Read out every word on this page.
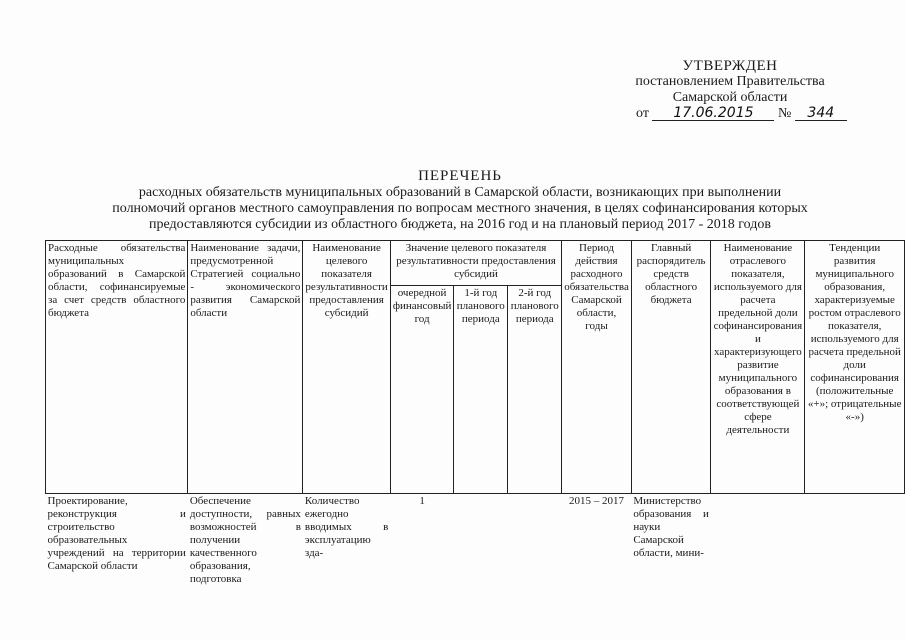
УТВЕРЖДЕН
постановлением Правительства
Самарской области
от 17.06.2015 № 344
ПЕРЕЧЕНЬ
расходных обязательств муниципальных образований в Самарской области, возникающих при выполнении
полномочий органов местного самоуправления по вопросам местного значения, в целях софинансирования которых
предоставляются субсидии из областного бюджета, на 2016 год и на плановый период 2017 - 2018 годов
Расходные обязательства муниципальных образований в Самарской области, софинансируемые за счет средств областного бюджета	Наименование задачи, предусмотренной Стратегией социально - экономического развития Самарской области	Наименование целевого показателя результативности предоставления субсидий	Значение целевого показателя результативности предоставления субсидий			Период действия расходного обязательства Самарской области, годы	Главный распорядитель средств областного бюджета	Наименование отраслевого показателя, используемого для расчета предельной доли софинансирования и характеризующего развитие муниципального образования в соответствующей сфере деятельности	Тенденции развития муниципального образования, характеризуемые ростом отраслевого показателя, используемого для расчета предельной доли софинансирования (положительные «+»; отрицательные «-»)
			очередной финансовый год	1-й год планового периода	2-й год планового периода				
Проектирование, реконструкция и строительство образовательных учреждений на территории Самарской области	Обеспечение доступности, равных возможностей в получении качественного образования, подготовка	Количество ежегодно вводимых в эксплуатацию зда-	1			2015 – 2017	Министерство образования и науки Самарской области, мини-		
